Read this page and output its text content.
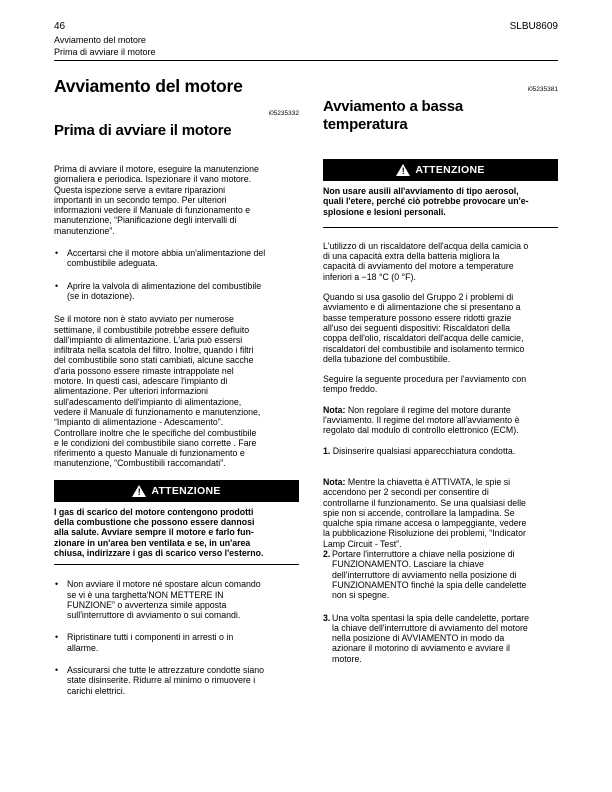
46	SLBU8609
Avviamento del motore
Prima di avviare il motore
Avviamento del motore
i05235332
Prima di avviare il motore

Prima di avviare il motore, eseguire la manutenzione

giornaliera e periodica. Ispezionare il vano motore.

Questa ispezione serve a evitare riparazioni

importanti in un secondo tempo. Per ulteriori

informazioni vedere il Manuale di funzionamento e

manutenzione, “Pianificazione degli intervalli di

manutenzione”.

• Accertarsi che il motore abbia un'alimentazione del

combustibile adeguata.

• Aprire la valvola di alimentazione del combustibile

(se in dotazione).

Se il motore non è stato avviato per numerose

settimane, il combustibile potrebbe essere defluito

dall'impianto di alimentazione. L'aria può essersi

infiltrata nella scatola del filtro. Inoltre, quando i filtri

del combustibile sono stati cambiati, alcune sacche

d'aria possono essere rimaste intrappolate nel

motore. In questi casi, adescare l'impianto di

alimentazione. Per ulteriori informazioni

sull'adescamento dell'impianto di alimentazione,

vedere il Manuale di funzionamento e manutenzione,

“Impianto di alimentazione - Adescamento”.

Controllare inoltre che le specifiche del combustibile

e le condizioni del combustibile siano corrette . Fare

riferimento a questo Manuale di funzionamento e

manutenzione, “Combustibili raccomandati”.

!
ATTENZIONE
I gas di scarico del motore contengono prodotti
della combustione che possono essere dannosi
alla salute. Avviare sempre il motore e farlo fun-
zionare in un'area ben ventilata e se, in un'area
chiusa, indirizzare i gas di scarico verso l'esterno.
• Non avviare il motore né spostare alcun comando

se vi è una targhetta'NON METTERE IN

FUNZIONE” o avvertenza simile apposta

sull'interruttore di avviamento o sui comandi.

• Ripristinare tutti i componenti in arresti o in

allarme.

• Assicurarsi che tutte le attrezzature condotte siano

state disinserite. Ridurre al minimo o rimuovere i

carichi elettrici.

i05235381
Avviamento a bassa
temperatura
!
ATTENZIONE
Non usare ausili all'avviamento di tipo aerosol,
quali l'etere, perché ciò potrebbe provocare un'e-
splosione e lesioni personali.

L'utilizzo di un riscaldatore dell'acqua della camicia o

di una capacità extra della batteria migliora la

capacità di avviamento del motore a temperature

inferiori a −18 °C (0 °F).

Quando si usa gasolio del Gruppo 2 i problemi di

avviamento e di alimentazione che si presentano a

basse temperature possono essere ridotti grazie

all'uso dei seguenti dispositivi: Riscaldatori della

coppa dell'olio, riscaldatori dell'acqua delle camicie,

riscaldatori del combustibile and isolamento termico

della tubazione del combustibile.

Seguire la seguente procedura per l'avviamento con

tempo freddo.

Nota: Non regolare il regime del motore durante

l'avviamento. Il regime del motore all'avviamento è

regolato dal modulo di controllo elettronico (ECM).

1. Disinserire qualsiasi apparecchiatura condotta.

Nota: Mentre la chiavetta è ATTIVATA, le spie si

accendono per 2 secondi per consentire di

controllarne il funzionamento. Se una qualsiasi delle

spie non si accende, controllare la lampadina. Se

qualche spia rimane accesa o lampeggiante, vedere

la pubblicazione Risoluzione dei problemi, “Indicator

Lamp Circuit - Test”.

2. Portare l'interruttore a chiave nella posizione di

FUNZIONAMENTO. Lasciare la chiave

dell'interruttore di avviamento nella posizione di

FUNZIONAMENTO finché la spia delle candelette

non si spegne.

3. Una volta spentasi la spia delle candelette, portare

la chiave dell'interruttore di avviamento del motore

nella posizione di AVVIAMENTO in modo da

azionare il motorino di avviamento e avviare il

motore.
